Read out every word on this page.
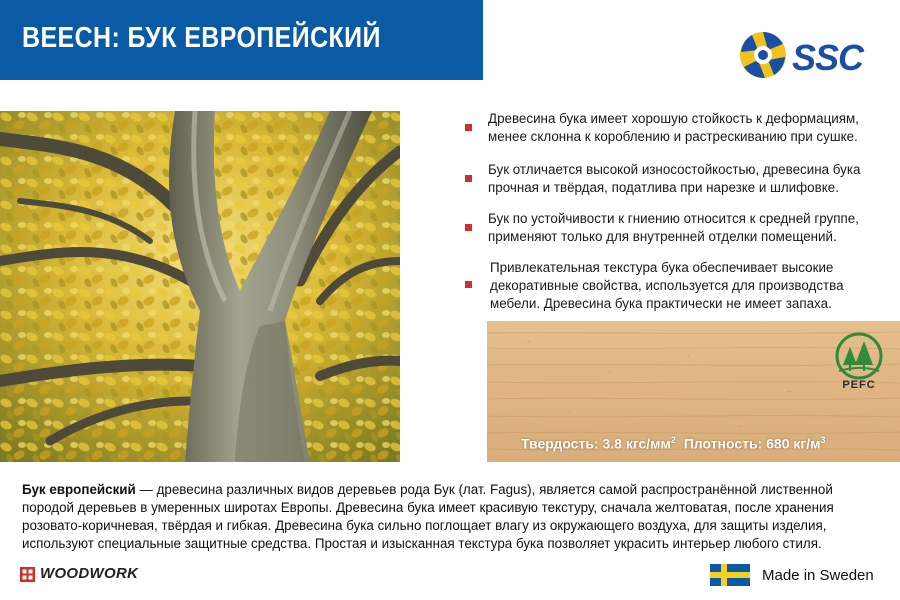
BEECH: БУК ЕВРОПЕЙСКИЙ	SSC
Древесина бука имеет хорошую стойкость к деформациям, менее склонна к короблению и растрескиванию при сушке.
Бук отличается высокой износостойкостью, древесина бука прочная и твёрдая, податлива при нарезке и шлифовке.
Бук по устойчивости к гниению относится к средней группе, применяют только для внутренней отделки помещений.
Привлекательная текстура бука обеспечивает высокие декоративные свойства, используется для производства мебели. Древесина бука практически не имеет запаха.
PEFC
Твердость: 3.8 кгс/$мм^2$ Плотность: 680 $кг/м^3$
Бук европейский — древесина различных видов деревьев рода Бук (лат. Fagus), является самой распространённой лиственной породой деревьев в умеренных широтах Европы. Древесина бука имеет красивую текстуру, сначала желтоватая, после хранения розовато-коричневая, твёрдая и гибкая. Древесина бука сильно поглощает влагу из окружающего воздуха, для защиты изделия, используют специальные защитные средства. Простая и изысканная текстура бука позволяет украсить интерьер любого стиля.
WOODWORK	Made in Sweden
